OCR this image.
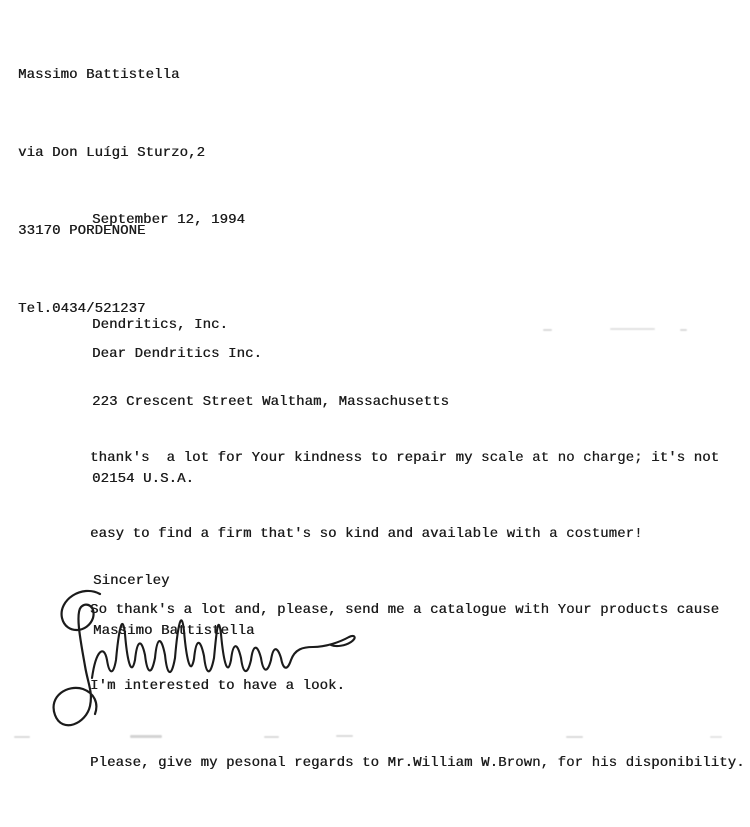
Massimo Battistella

via Don Luígi Sturzo,2

33170 PORDENONE

Tel.0434/521237

September 12, 1994

Dendritics, Inc.

223 Crescent Street Waltham, Massachusetts

02154 U.S.A.

Dear Dendritics Inc.

thank's  a lot for Your kindness to repair my scale at no charge; it's not

easy to find a firm that's so kind and available with a costumer!

So thank's a lot and, please, send me a catalogue with Your products cause

I'm interested to have a look.

Please, give my pesonal regards to Mr.William W.Brown, for his disponibility.

Sincerley
Massimo Battistella
